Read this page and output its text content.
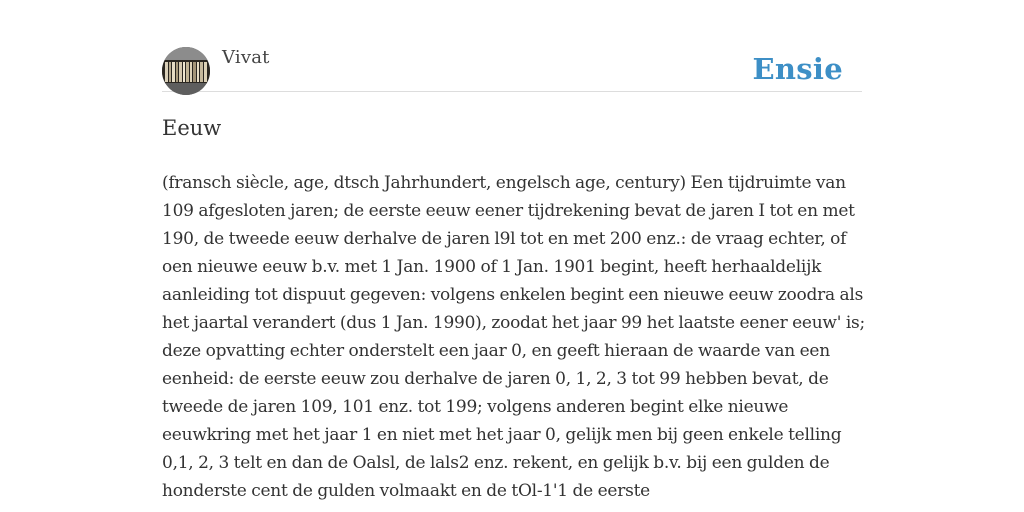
Vivat	Ensie
Eeuw

(fransch siècle, age, dtsch Jahrhundert, engelsch age, century) Een tijdruimte van 109 afgesloten jaren; de eerste eeuw eener tijdrekening bevat de jaren I tot en met 190, de tweede eeuw derhalve de jaren l9l tot en met 200 enz.: de vraag echter, of oen nieuwe eeuw b.v. met 1 Jan. 1900 of 1 Jan. 1901 begint, heeft herhaaldelijk aanleiding tot dispuut gegeven: volgens enkelen begint een nieuwe eeuw zoodra als het jaartal verandert (dus 1 Jan. 1990), zoodat het jaar 99 het laatste eener eeuw' is; deze opvatting echter onderstelt een jaar 0, en geeft hieraan de waarde van een eenheid: de eerste eeuw zou derhalve de jaren 0, 1, 2, 3 tot 99 hebben bevat, de tweede de jaren 109, 101 enz. tot 199; volgens anderen begint elke nieuwe eeuwkring met het jaar 1 en niet met het jaar 0, gelijk men bij geen enkele telling 0,1, 2, 3 telt en dan de Oalsl, de lals2 enz. rekent, en gelijk b.v. bij een gulden de honderste cent de gulden volmaakt en de tOl-1'1 de eerste
